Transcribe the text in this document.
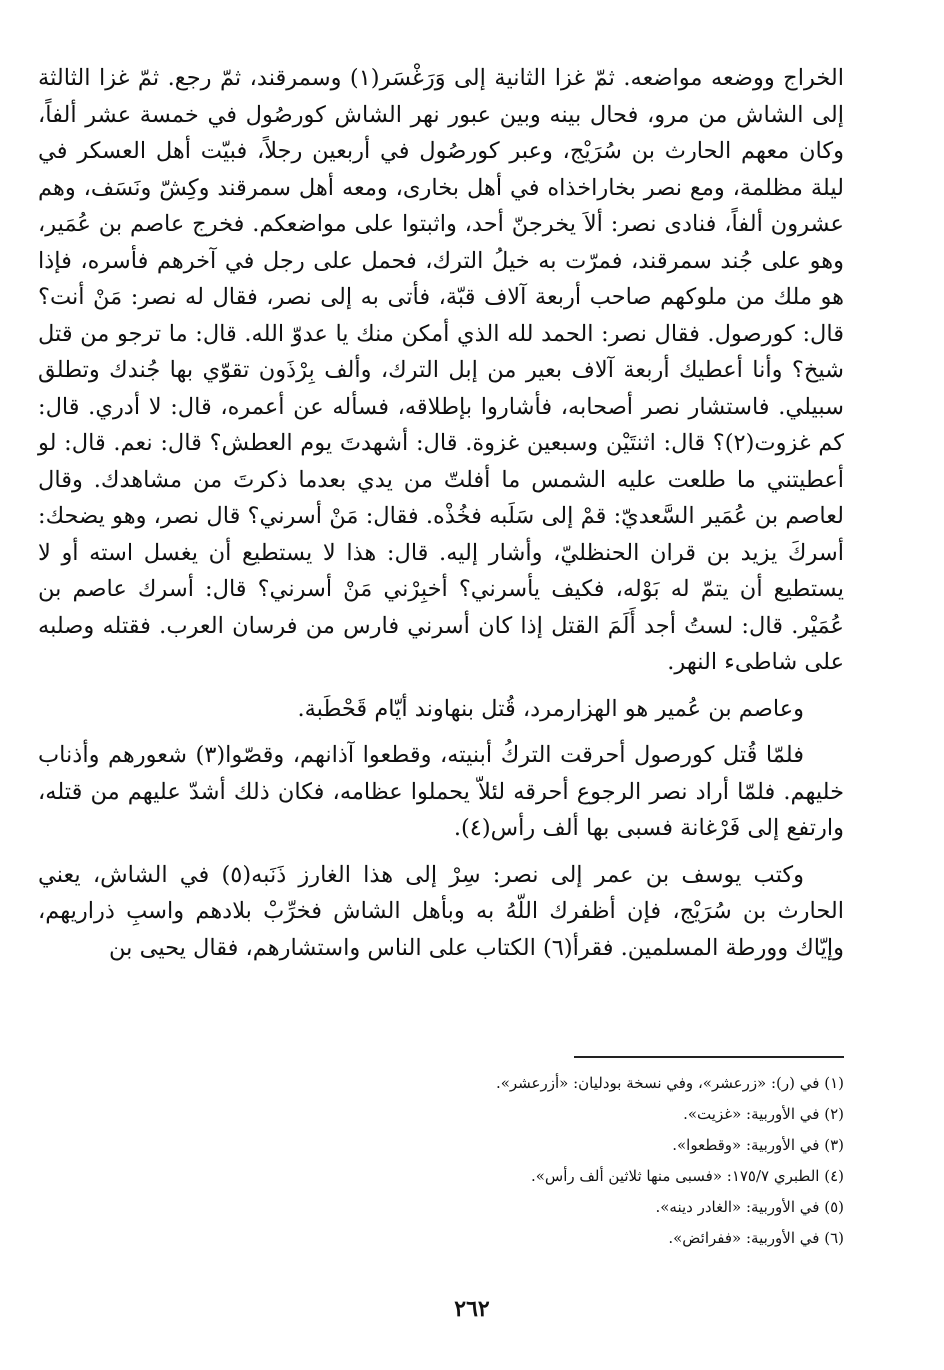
الخراج ووضعه مواضعه. ثمّ غزا الثانية إلى وَرَغْسَر(١) وسمرقند، ثمّ رجع. ثمّ غزا الثالثة إلى الشاش من مرو، فحال بينه وبين عبور نهر الشاش كورصُول في خمسة عشر ألفاً، وكان معهم الحارث بن سُرَيْج، وعبر كورصُول في أربعين رجلاً، فبيّت أهل العسكر في ليلة مظلمة، ومع نصر بخاراخذاه في أهل بخارى، ومعه أهل سمرقند وكِشّ ونَسَف، وهم عشرون ألفاً، فنادى نصر: ألاَ يخرجنّ أحد، واثبتوا على مواضعكم. فخرج عاصم بن عُمَير، وهو على جُند سمرقند، فمرّت به خيلُ الترك، فحمل على رجل في آخرهم فأسره، فإذا هو ملك من ملوكهم صاحب أربعة آلاف قبّة، فأتى به إلى نصر، فقال له نصر: مَنْ أنت؟ قال: كورصول. فقال نصر: الحمد لله الذي أمكن منك يا عدوّ الله. قال: ما ترجو من قتل شيخ؟ وأنا أعطيك أربعة آلاف بعير من إبل الترك، وألف بِرْذَون تقوّي بها جُندك وتطلق سبيلي. فاستشار نصر أصحابه، فأشاروا بإطلاقه، فسأله عن أعمره، قال: لا أدري. قال: كم غزوت(٢)؟ قال: اثنتَيْن وسبعين غزوة. قال: أشهدتَ يوم العطش؟ قال: نعم. قال: لو أعطيتني ما طلعت عليه الشمس ما أفلتّ من يدي بعدما ذكرتَ من مشاهدك. وقال لعاصم بن عُمَير السَّعديّ: قمْ إلى سَلَبه فخُذْه. فقال: مَنْ أسرني؟ قال نصر، وهو يضحك: أسركَ يزيد بن قران الحنظليّ، وأشار إليه. قال: هذا لا يستطيع أن يغسل استه أو لا يستطيع أن يتمّ له بَوْله، فكيف يأسرني؟ أخبِرْني مَنْ أسرني؟ قال: أسرك عاصم بن عُمَيْر. قال: لستُ أجد أَلَمَ القتل إذا كان أسرني فارس من فرسان العرب. فقتله وصلبه على شاطىء النهر.

وعاصم بن عُمير هو الهزارمرد، قُتل بنهاوند أيّام قَحْطَبة.

فلمّا قُتل كورصول أحرقت التركُ أبنيته، وقطعوا آذانهم، وقصّوا(٣) شعورهم وأذناب خليهم. فلمّا أراد نصر الرجوع أحرقه لئلاّ يحملوا عظامه، فكان ذلك أشدّ عليهم من قتله، وارتفع إلى فَرْغانة فسبى بها ألف رأس(٤).

وكتب يوسف بن عمر إلى نصر: سِرْ إلى هذا الغارز ذَنَبه(٥) في الشاش، يعني الحارث بن سُرَيْج، فإن أظفرك اللّهُ به وبأهل الشاش فخرِّبْ بلادهم واسبِ ذراريهم، وإيّاك وورطة المسلمين. فقرأ(٦) الكتاب على الناس واستشارهم، فقال يحيى بن

(١) في (ر): «زرعشر»، وفي نسخة بودليان: «أزرعشر».
(٢) في الأوربية: «غزيت».
(٣) في الأوربية: «وقطعوا».
(٤) الطبري ١٧٥/٧: «فسبى منها ثلاثين ألف رأس».
(٥) في الأوربية: «الغادر دينه».
(٦) في الأوربية: «ففرائض».
٢٦٢
